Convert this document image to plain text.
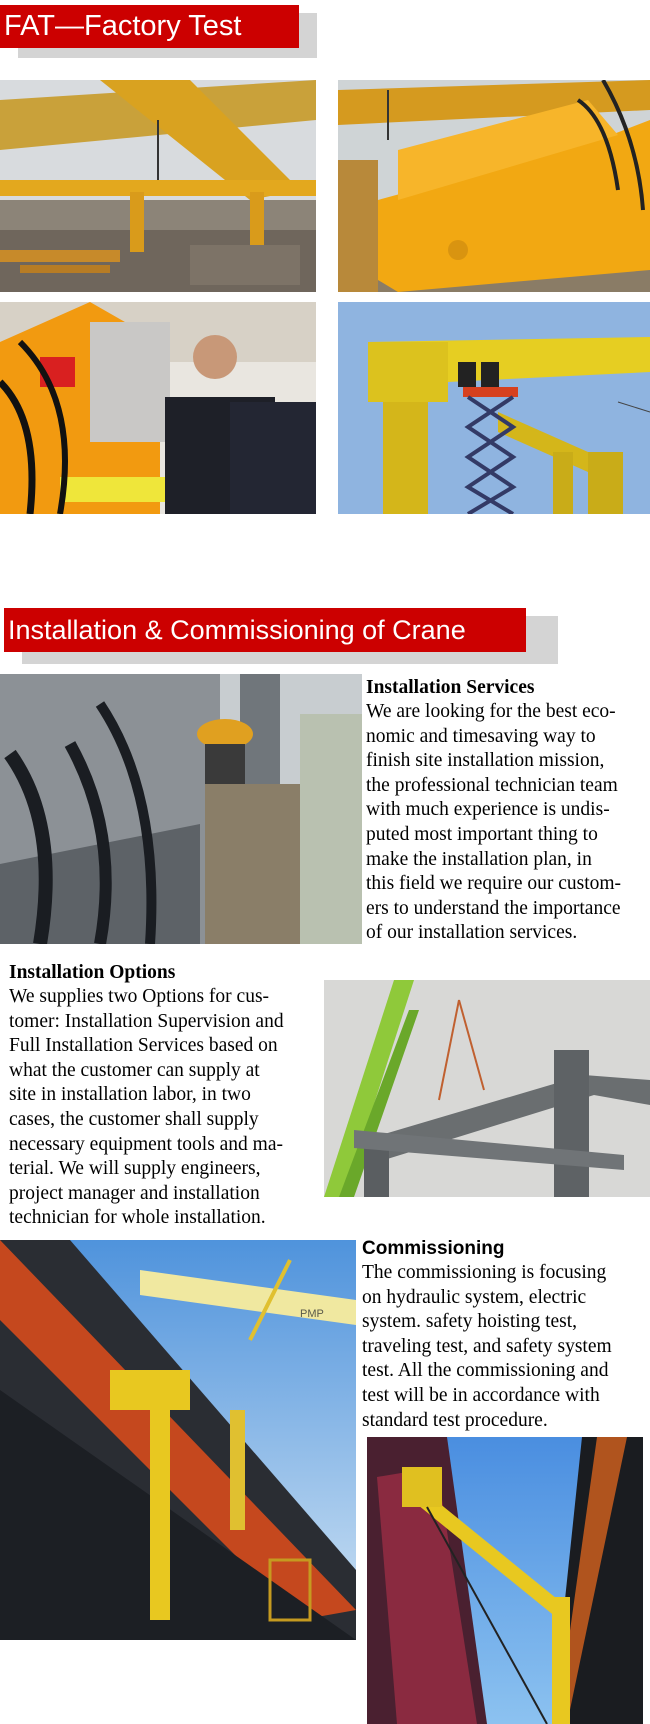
FAT—Factory Test
Installation & Commissioning of Crane
Installation Services
We are looking for the best eco-
nomic and timesaving way to
finish site installation mission,
the professional technician team
with much experience is undis-
puted most important thing to
make the installation plan, in
this field we require our custom-
ers to understand the importance
of our installation services.
Installation Options
We supplies two Options for cus-
tomer: Installation Supervision and
Full Installation Services based on
what the customer can supply at
site in installation labor, in two
cases, the customer shall supply
necessary equipment tools and ma-
terial. We will supply engineers,
project manager and installation
technician for whole installation.
PMP
Commissioning
The commissioning is focusing
on hydraulic system, electric
system. safety hoisting test,
traveling test, and safety system
test. All the commissioning and
test will be in accordance with
standard test procedure.
